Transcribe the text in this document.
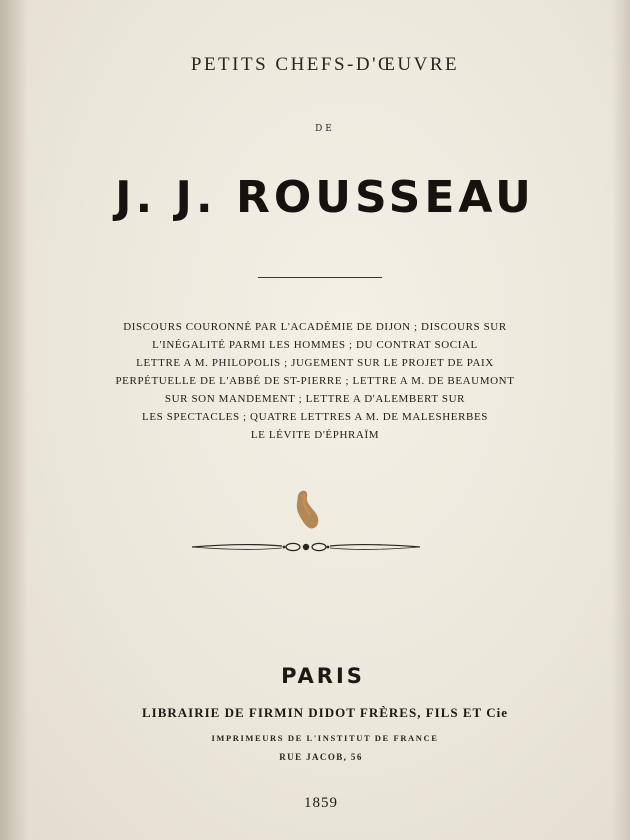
PETITS CHEFS-D'ŒUVRE
DE
J. J. ROUSSEAU
DISCOURS COURONNÉ PAR L'ACADÉMIE DE DIJON ; DISCOURS SUR
L'INÉGALITÉ PARMI LES HOMMES ; DU CONTRAT SOCIAL
LETTRE A M. PHILOPOLIS ; JUGEMENT SUR LE PROJET DE PAIX
PERPÉTUELLE DE L'ABBÉ DE ST-PIERRE ; LETTRE A M. DE BEAUMONT
SUR SON MANDEMENT ; LETTRE A D'ALEMBERT SUR
LES SPECTACLES ; QUATRE LETTRES A M. DE MALESHERBES
LE LÉVITE D'ÉPHRAÏM
PARIS
LIBRAIRIE DE FIRMIN DIDOT FRÈRES, FILS ET Cie
IMPRIMEURS DE L'INSTITUT DE FRANCE
RUE JACOB, 56
1859
